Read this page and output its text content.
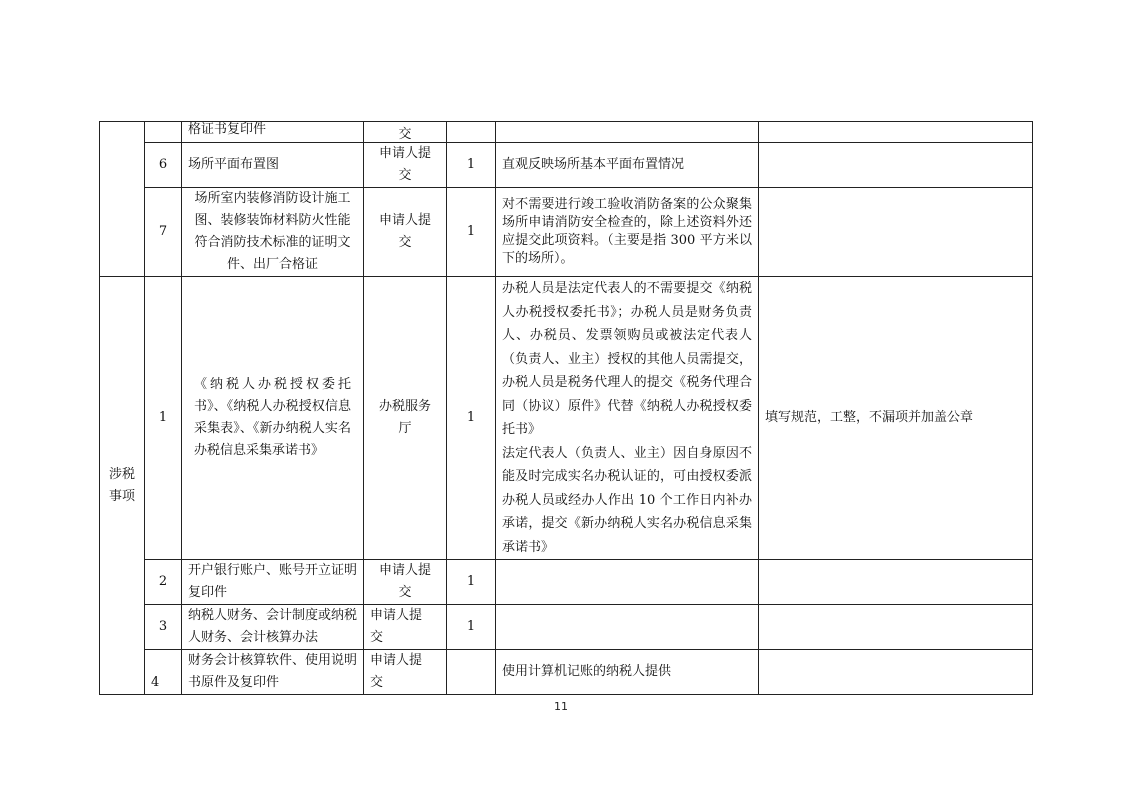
		格证书复印件	交			
	6	场所平面布置图	申请人提交	1	直观反映场所基本平面布置情况	
	7	场所室内装修消防设计施工图、装修装饰材料防火性能符合消防技术标准的证明文件、出厂合格证	申请人提交	1	对不需要进行竣工验收消防备案的公众聚集场所申请消防安全检查的，除上述资料外还应提交此项资料。（主要是指 300 平方米以下的场所）。	
涉税事项	1	《纳税人办税授权委托书》、《纳税人办税授权信息采集表》、《新办纳税人实名办税信息采集承诺书》	办税服务厅	1	办税人员是法定代表人的不需要提交《纳税人办税授权委托书》；办税人员是财务负责人、办税员、发票领购员或被法定代表人（负责人、业主）授权的其他人员需提交，办税人员是税务代理人的提交《税务代理合同（协议）原件》代替《纳税人办税授权委托书》
法定代表人（负责人、业主）因自身原因不能及时完成实名办税认证的，可由授权委派办税人员或经办人作出 10 个工作日内补办承诺，提交《新办纳税人实名办税信息采集承诺书》	填写规范，工整，不漏项并加盖公章
	2	开户银行账户、账号开立证明复印件	申请人提交	1		
	3	纳税人财务、会计制度或纳税人财务、会计核算办法	申请人提交	1		
	4	财务会计核算软件、使用说明书原件及复印件	申请人提交		使用计算机记账的纳税人提供	
11
